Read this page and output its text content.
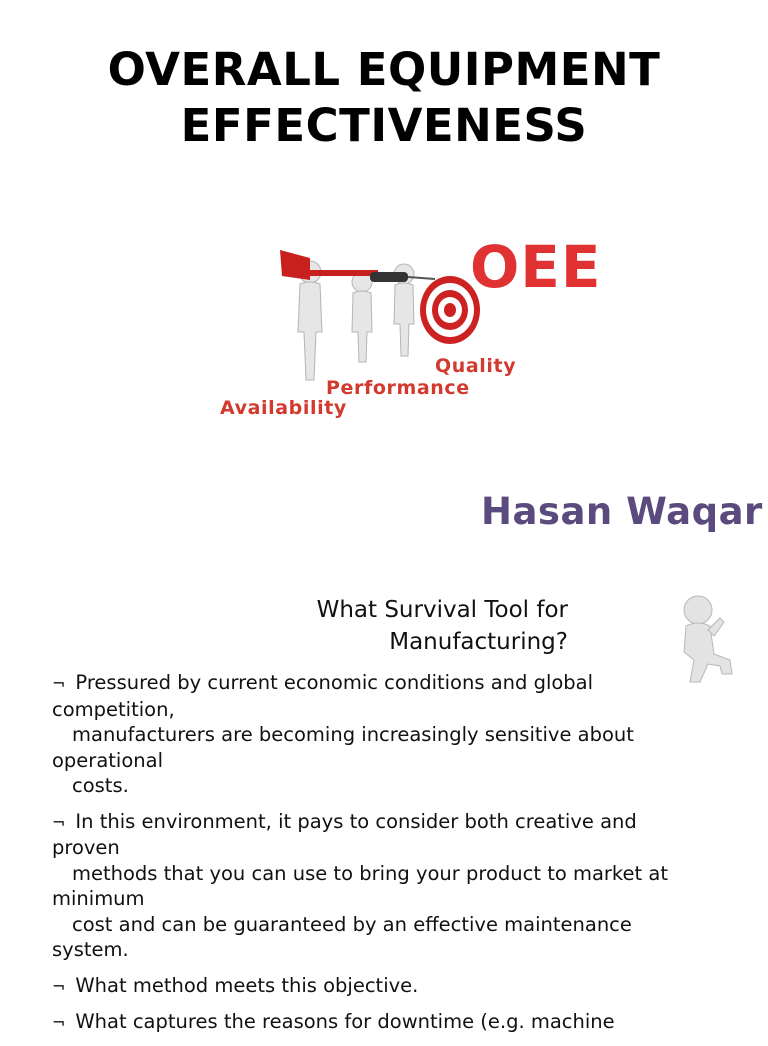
OVERALL EQUIPMENT
EFFECTIVENESS
OEE
Quality
Performance
Availability
Hasan Waqar
What Survival Tool for
Manufacturing?
¬ Pressured by current economic conditions and global
competition,
manufacturers are becoming increasingly sensitive about
operational
costs.
¬ In this environment, it pays to consider both creative and
proven
methods that you can use to bring your product to market at
minimum
cost and can be guaranteed by an effective maintenance
system.
¬ What method meets this objective.
¬ What captures the reasons for downtime (e.g. machine
